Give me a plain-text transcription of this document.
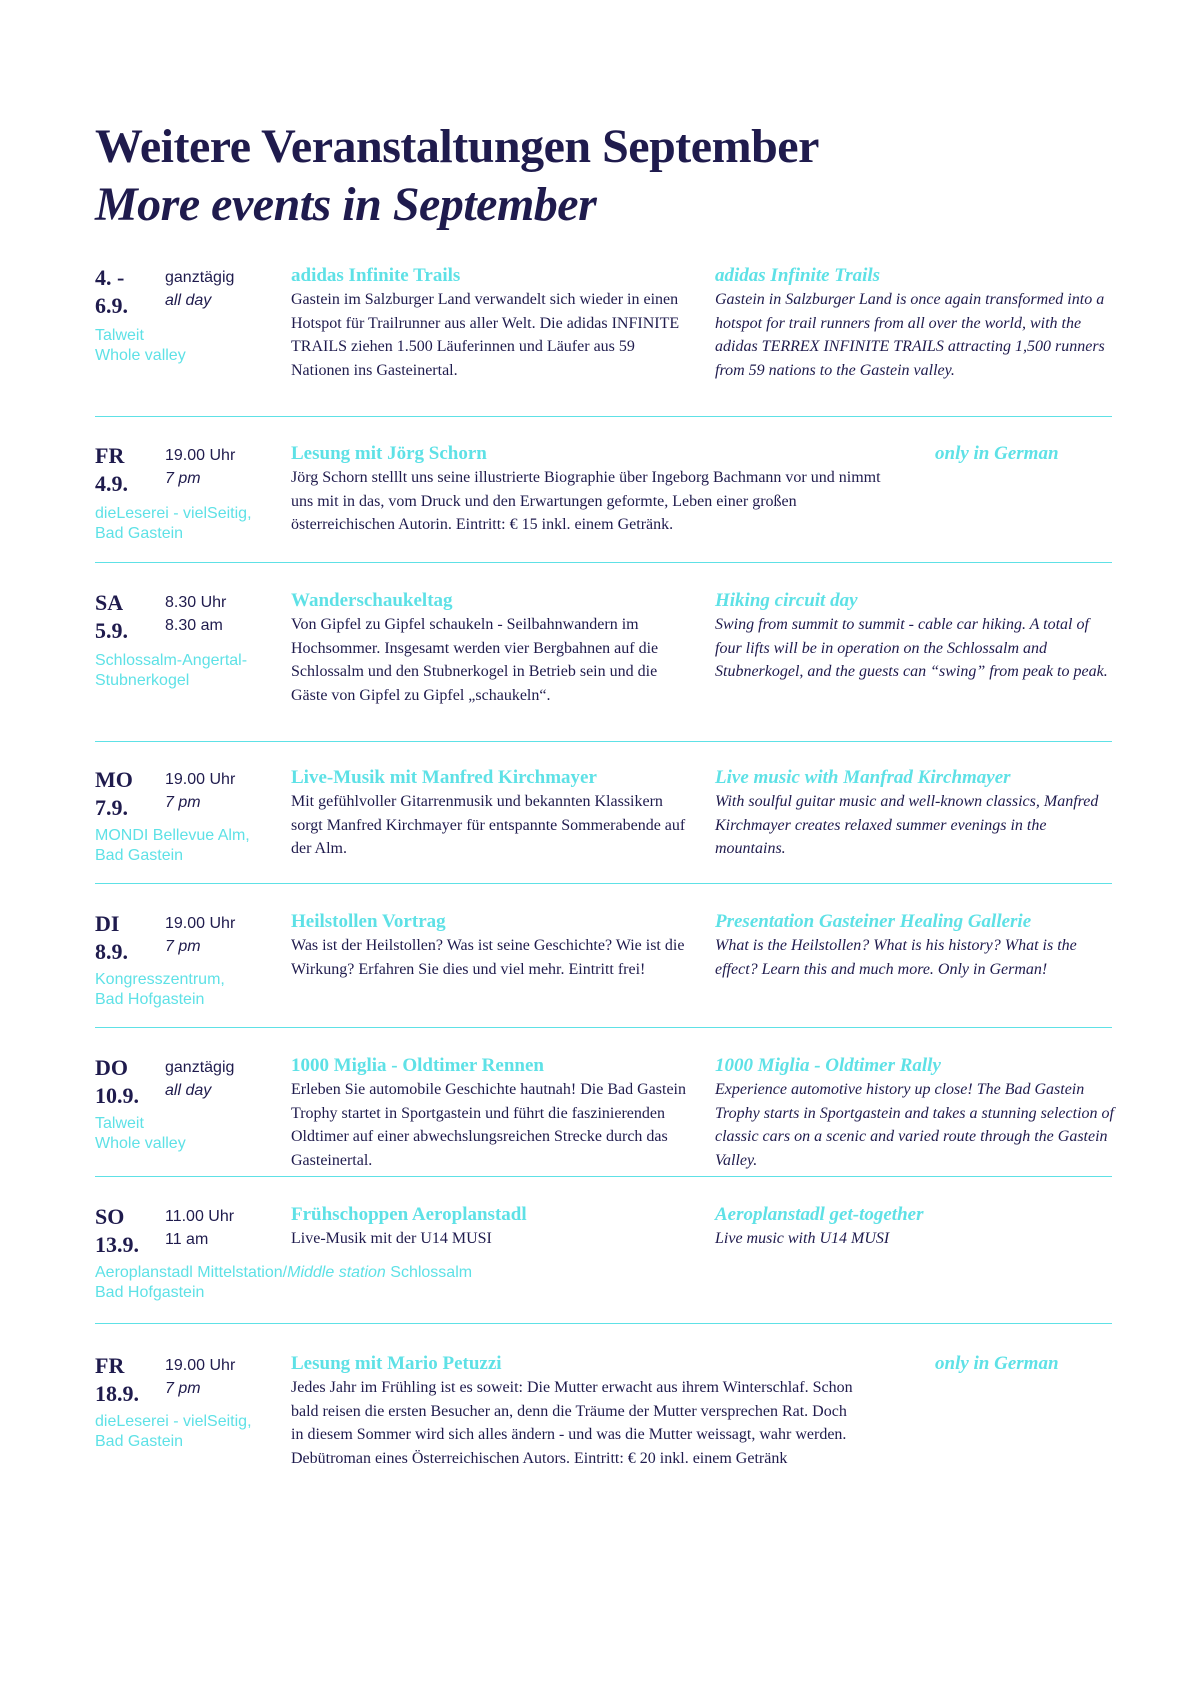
Weitere Veranstaltungen September
More events in September
4. -
6.9.
ganztägig
all day
Talweit
Whole valley
adidas Infinite Trails
Gastein im Salzburger Land verwandelt sich wieder in einen Hotspot für Trailrunner aus aller Welt. Die adidas INFINITE TRAILS ziehen 1.500 Läuferinnen und Läufer aus 59 Nationen ins Gasteinertal.
adidas Infinite Trails
Gastein in Salzburger Land is once again transformed into a hotspot for trail runners from all over the world, with the adidas TERREX INFINITE TRAILS attracting 1,500 runners from 59 nations to the Gastein valley.
FR
4.9.
19.00 Uhr
7 pm
dieLeserei - vielSeitig,
Bad Gastein
Lesung mit Jörg Schorn
Jörg Schorn stelllt uns seine illustrierte Biographie über Ingeborg Bachmann vor und nimmt uns mit in das, vom Druck und den Erwartungen geformte, Leben einer großen österreichischen Autorin. Eintritt: € 15 inkl. einem Getränk.
only in German
SA
5.9.
8.30 Uhr
8.30 am
Schlossalm-Angertal-
Stubnerkogel
Wanderschaukeltag
Von Gipfel zu Gipfel schaukeln - Seilbahnwandern im Hochsommer. Insgesamt werden vier Bergbahnen auf die Schlossalm und den Stubnerkogel in Betrieb sein und die Gäste von Gipfel zu Gipfel „schaukeln“.
Hiking circuit day
Swing from summit to summit - cable car hiking. A total of four lifts will be in operation on the Schlossalm and Stubnerkogel, and the guests can “swing” from peak to peak.
MO
7.9.
19.00 Uhr
7 pm
MONDI Bellevue Alm,
Bad Gastein
Live-Musik mit Manfred Kirchmayer
Mit gefühlvoller Gitarrenmusik und bekannten Klassikern sorgt Manfred Kirchmayer für entspannte Sommerabende auf der Alm.
Live music with Manfrad Kirchmayer
With soulful guitar music and well-known classics, Manfred Kirchmayer creates relaxed summer evenings in the mountains.
DI
8.9.
19.00 Uhr
7 pm
Kongresszentrum,
Bad Hofgastein
Heilstollen Vortrag
Was ist der Heilstollen? Was ist seine Geschichte? Wie ist die Wirkung? Erfahren Sie dies und viel mehr. Eintritt frei!
Presentation Gasteiner Healing Gallerie
What is the Heilstollen? What is his history? What is the effect? Learn this and much more. Only in German!
DO
10.9.
ganztägig
all day
Talweit
Whole valley
1000 Miglia - Oldtimer Rennen
Erleben Sie automobile Geschichte hautnah! Die Bad Gastein Trophy startet in Sportgastein und führt die faszinierenden Oldtimer auf einer abwechslungsreichen Strecke durch das Gasteinertal.
1000 Miglia - Oldtimer Rally
Experience automotive history up close! The Bad Gastein Trophy starts in Sportgastein and takes a stunning selection of classic cars on a scenic and varied route through the Gastein Valley.
SO
13.9.
11.00 Uhr
11 am
Aeroplanstadl Mittelstation/Middle station Schlossalm
Bad Hofgastein
Frühschoppen Aeroplanstadl
Live-Musik mit der U14 MUSI
Aeroplanstadl get-together
Live music with U14 MUSI
FR
18.9.
19.00 Uhr
7 pm
dieLeserei - vielSeitig,
Bad Gastein
Lesung mit Mario Petuzzi
Jedes Jahr im Frühling ist es soweit: Die Mutter erwacht aus ihrem Winterschlaf. Schon bald reisen die ersten Besucher an, denn die Träume der Mutter versprechen Rat. Doch in diesem Sommer wird sich alles ändern - und was die Mutter weissagt, wahr werden. Debütroman eines Österreichischen Autors. Eintritt: € 20 inkl. einem Getränk
only in German
